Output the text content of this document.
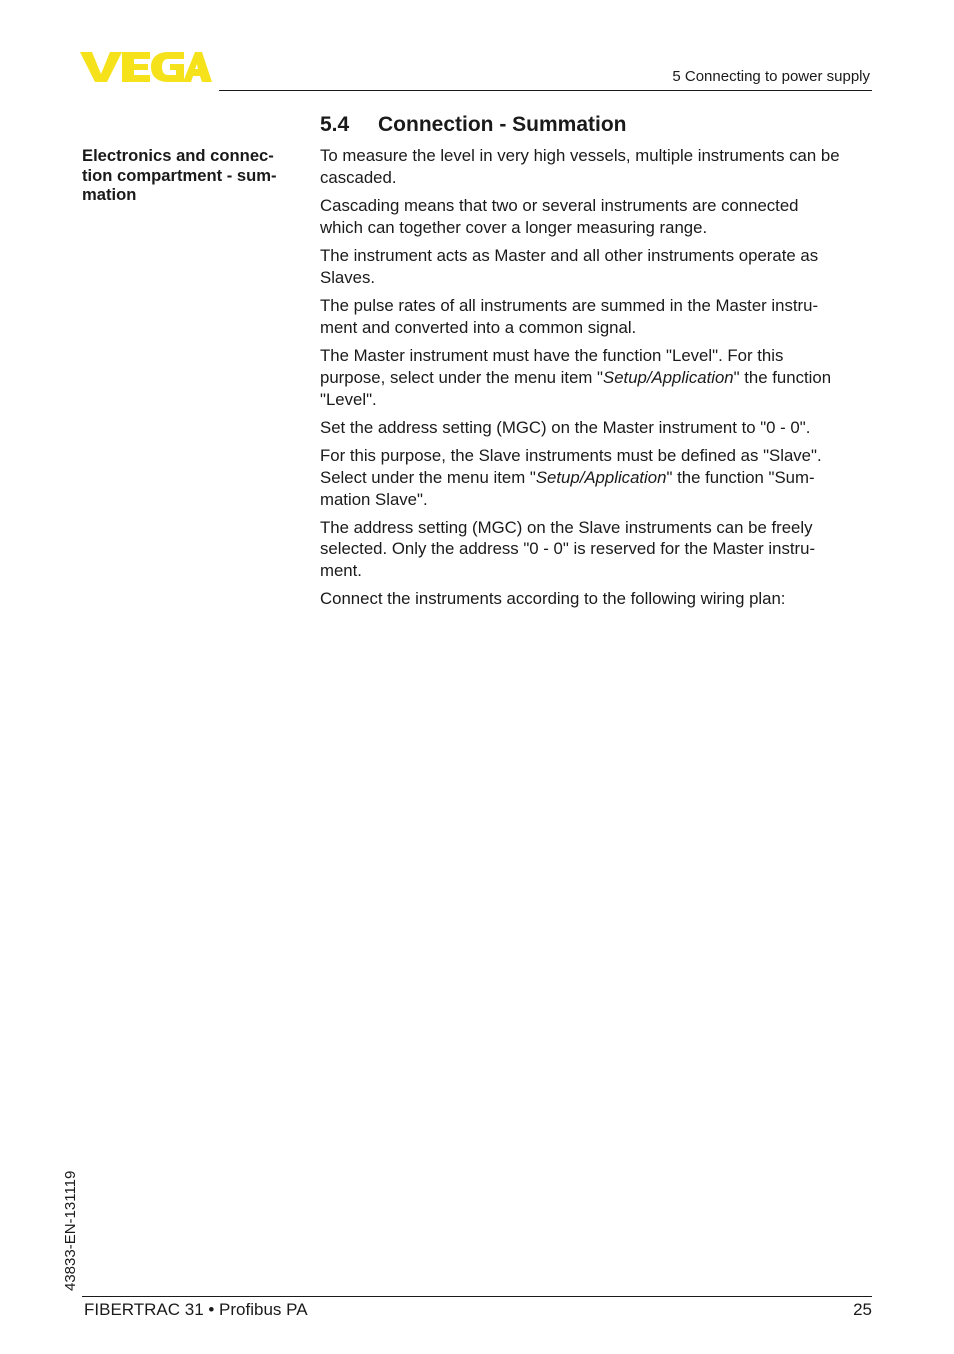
5 Connecting to power supply
5.4 Connection - Summation
Electronics and connec-
tion compartment - sum-
mation

To measure the level in very high vessels, multiple instruments can be
cascaded.

Cascading means that two or several instruments are connected
which can together cover a longer measuring range.

The instrument acts as Master and all other instruments operate as
Slaves.

The pulse rates of all instruments are summed in the Master instru-
ment and converted into a common signal.

The Master instrument must have the function "Level". For this
purpose, select under the menu item "Setup/Application" the function
"Level".

Set the address setting (MGC) on the Master instrument to "0 - 0".

For this purpose, the Slave instruments must be defined as "Slave".
Select under the menu item "Setup/Application" the function "Sum-
mation Slave".

The address setting (MGC) on the Slave instruments can be freely
selected. Only the address "0 - 0" is reserved for the Master instru-
ment.

Connect the instruments according to the following wiring plan:

43833-EN-131119
FIBERTRAC 31 • Profibus PA	25
